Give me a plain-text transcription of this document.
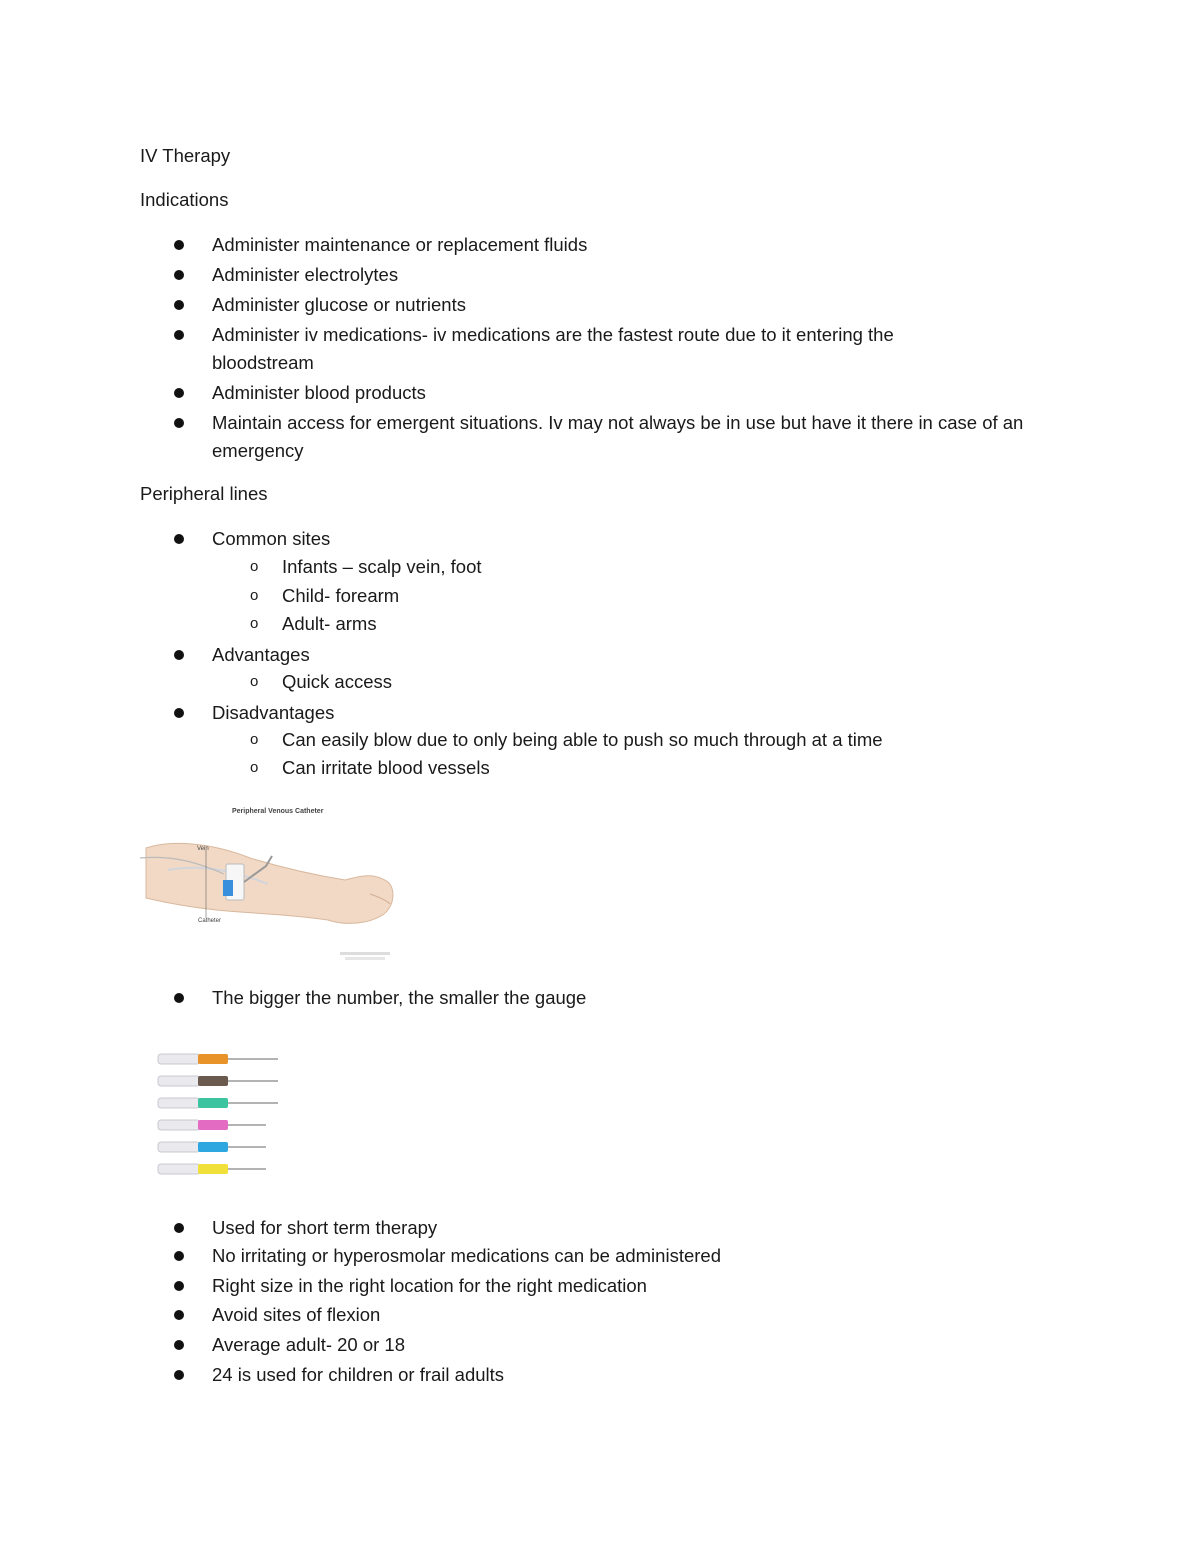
IV Therapy
Indications
Administer maintenance or replacement fluids
Administer electrolytes
Administer glucose or nutrients
Administer iv medications- iv medications are the fastest route due to it entering the bloodstream
Administer blood products
Maintain access for emergent situations. Iv may not always be in use but have it there in case of an emergency
Peripheral lines
Common sites
o Infants – scalp vein, foot
o Child- forearm
o Adult- arms
Advantages
o Quick access
Disadvantages
o Can easily blow due to only being able to push so much through at a time
o Can irritate blood vessels
Peripheral Venous Catheter
Vein
Catheter
The bigger the number, the smaller the gauge
Used for short term therapy
No irritating or hyperosmolar medications can be administered
Right size in the right location for the right medication
Avoid sites of flexion
Average adult- 20 or 18
24 is used for children or frail adults
